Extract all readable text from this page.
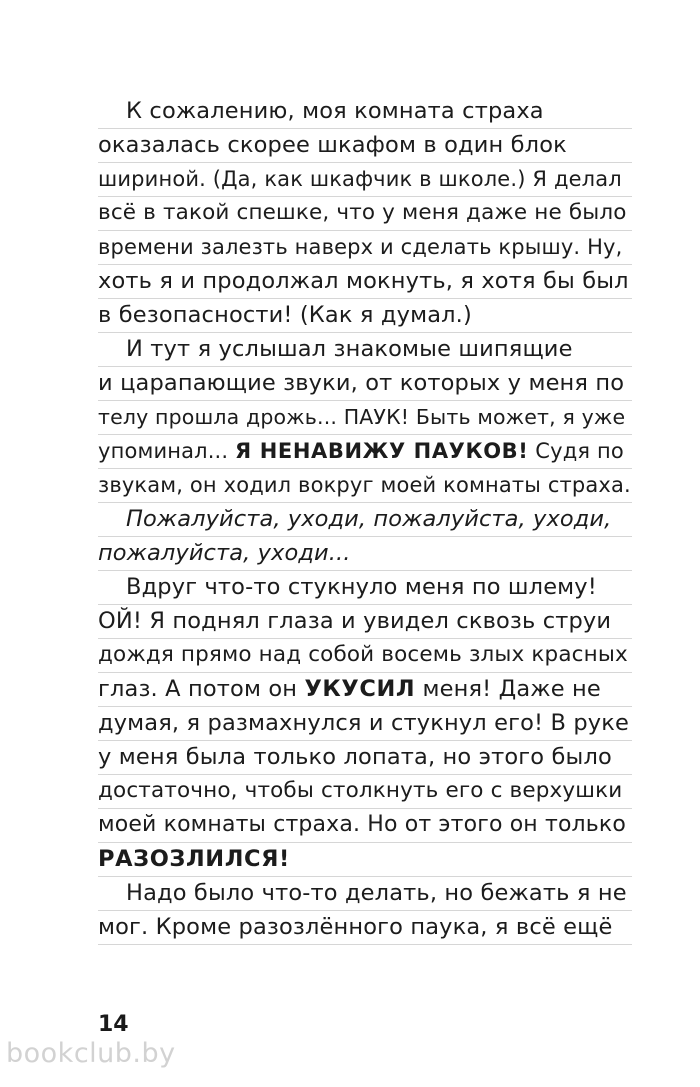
К сожалению, моя комната страха
оказалась скорее шкафом в один блок
шириной. (Да, как шкафчик в школе.) Я делал
всё в такой спешке, что у меня даже не было
времени залезть наверх и сделать крышу. Ну,
хоть я и продолжал мокнуть, я хотя бы был
в безопасности! (Как я думал.)
И тут я услышал знакомые шипящие
и царапающие звуки, от которых у меня по
телу прошла дрожь... ПАУК! Быть может, я уже
упоминал... Я НЕНАВИЖУ ПАУКОВ! Судя по
звукам, он ходил вокруг моей комнаты страха.
Пожалуйста, уходи, пожалуйста, уходи,
пожалуйста, уходи...
Вдруг что-то стукнуло меня по шлему!
ОЙ! Я поднял глаза и увидел сквозь струи
дождя прямо над собой восемь злых красных
глаз. А потом он УКУСИЛ меня! Даже не
думая, я размахнулся и стукнул его! В руке
у меня была только лопата, но этого было
достаточно, чтобы столкнуть его с верхушки
моей комнаты страха. Но от этого он только
РАЗОЗЛИЛСЯ!
Надо было что-то делать, но бежать я не
мог. Кроме разозлённого паука, я всё ещё
14
bookclub.by
